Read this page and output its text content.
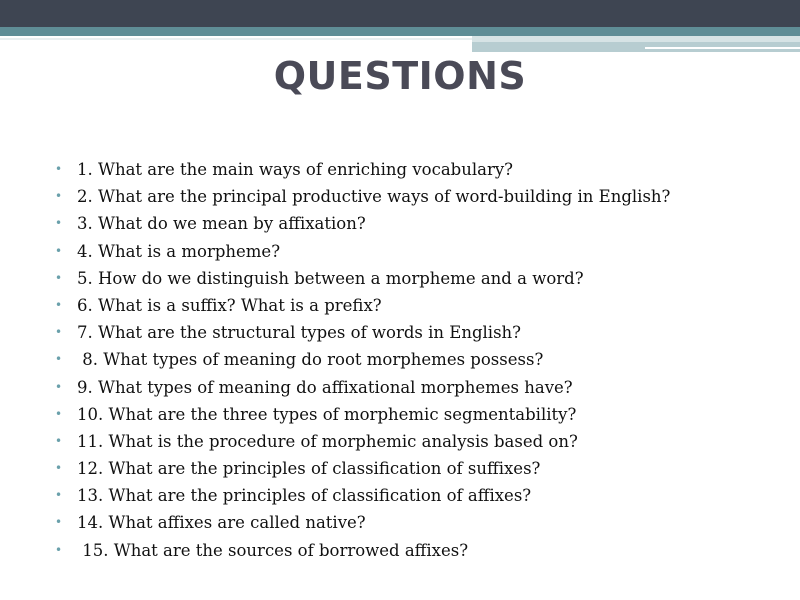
QUESTIONS
• 1. What are the main ways of enriching vocabulary?
• 2. What are the principal productive ways of word-building in English?
• 3. What do we mean by affixation?
• 4. What is a morpheme?
• 5. How do we distinguish between a morpheme and a word?
• 6. What is a suffix? What is a prefix?
• 7. What are the structural types of words in English?
• 8. What types of meaning do root morphemes possess?
• 9. What types of meaning do affixational morphemes have?
• 10. What are the three types of morphemic segmentability?
• 11. What is the procedure of morphemic analysis based on?
• 12. What are the principles of classification of suffixes?
• 13. What are the principles of classification of affixes?
• 14. What affixes are called native?
• 15. What are the sources of borrowed affixes?
